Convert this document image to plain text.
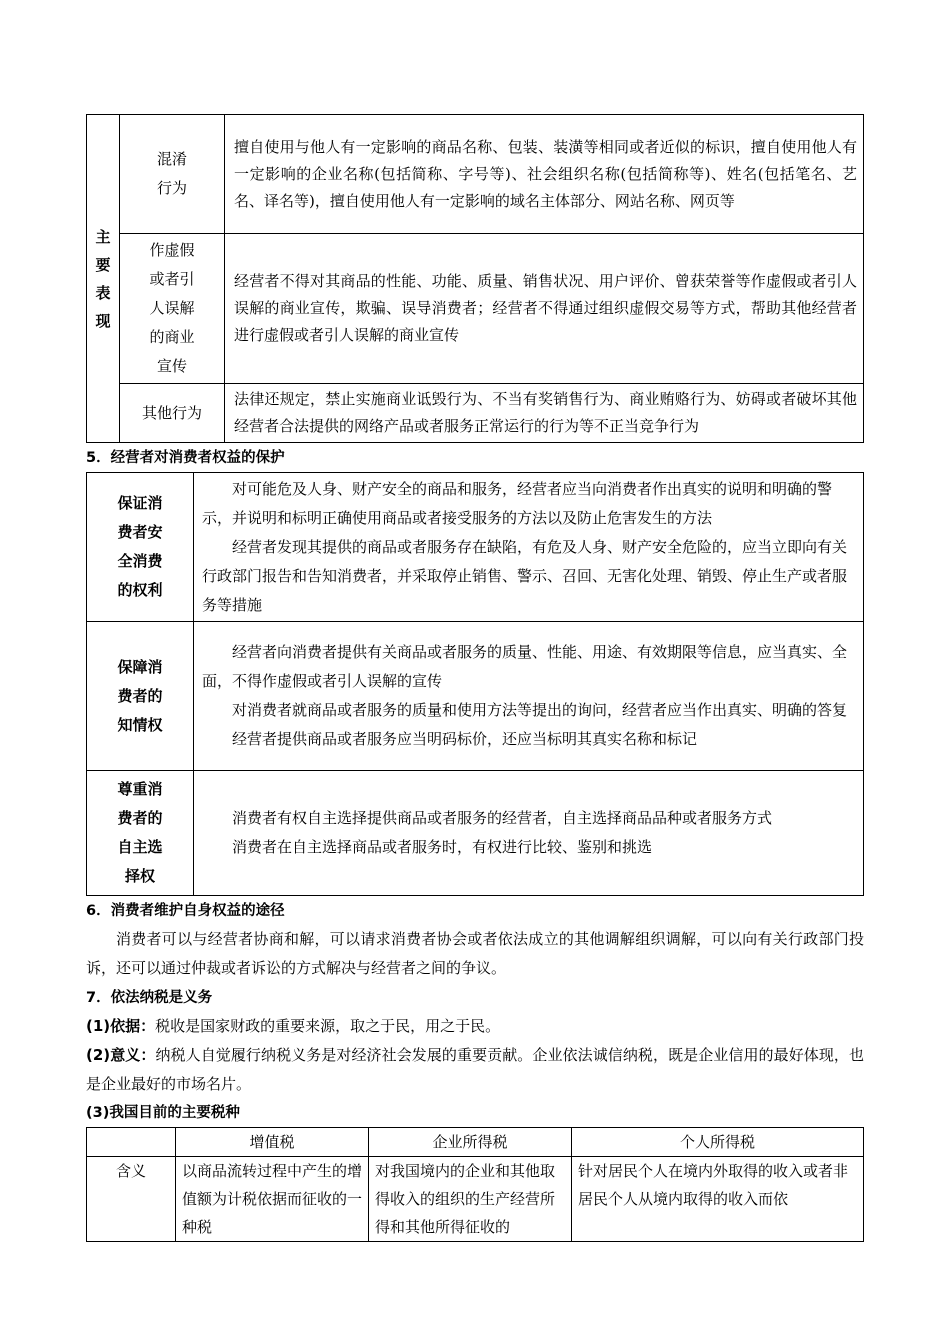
主要表现	混淆行为	擅自使用与他人有一定影响的商品名称、包装、装潢等相同或者近似的标识，擅自使用他人有一定影响的企业名称(包括简称、字号等)、社会组织名称(包括简称等)、姓名(包括笔名、艺名、译名等)，擅自使用他人有一定影响的域名主体部分、网站名称、网页等
	作虚假或者引人误解的商业宣传	经营者不得对其商品的性能、功能、质量、销售状况、用户评价、曾获荣誉等作虚假或者引人误解的商业宣传，欺骗、误导消费者；经营者不得通过组织虚假交易等方式，帮助其他经营者进行虚假或者引人误解的商业宣传
	其他行为	法律还规定，禁止实施商业诋毁行为、不当有奖销售行为、商业贿赂行为、妨碍或者破坏其他经营者合法提供的网络产品或者服务正常运行的行为等不正当竞争行为

5．经营者对消费者权益的保护

保证消费者安全消费的权利	对可能危及人身、财产安全的商品和服务，经营者应当向消费者作出真实的说明和明确的警示，并说明和标明正确使用商品或者接受服务的方法以及防止危害发生的方法

经营者发现其提供的商品或者服务存在缺陷，有危及人身、财产安全危险的，应当立即向有关行政部门报告和告知消费者，并采取停止销售、警示、召回、无害化处理、销毁、停止生产或者服务等措施

保障消费者的知情权	经营者向消费者提供有关商品或者服务的质量、性能、用途、有效期限等信息，应当真实、全面，不得作虚假或者引人误解的宣传

对消费者就商品或者服务的质量和使用方法等提出的询问，经营者应当作出真实、明确的答复

经营者提供商品或者服务应当明码标价，还应当标明其真实名称和标记

尊重消费者的自主选择权	消费者有权自主选择提供商品或者服务的经营者，自主选择商品品种或者服务方式

消费者在自主选择商品或者服务时，有权进行比较、鉴别和挑选

6．消费者维护自身权益的途径

消费者可以与经营者协商和解，可以请求消费者协会或者依法成立的其他调解组织调解，可以向有关行政部门投诉，还可以通过仲裁或者诉讼的方式解决与经营者之间的争议。

7．依法纳税是义务

(1)依据：税收是国家财政的重要来源，取之于民，用之于民。

(2)意义：纳税人自觉履行纳税义务是对经济社会发展的重要贡献。企业依法诚信纳税，既是企业信用的最好体现，也是企业最好的市场名片。

(3)我国目前的主要税种

	增值税	企业所得税	个人所得税
含义	以商品流转过程中产生的增值额为计税依据而征收的一种税	对我国境内的企业和其他取得收入的组织的生产经营所得和其他所得征收的	针对居民个人在境内外取得的收入或者非居民个人从境内取得的收入而依
